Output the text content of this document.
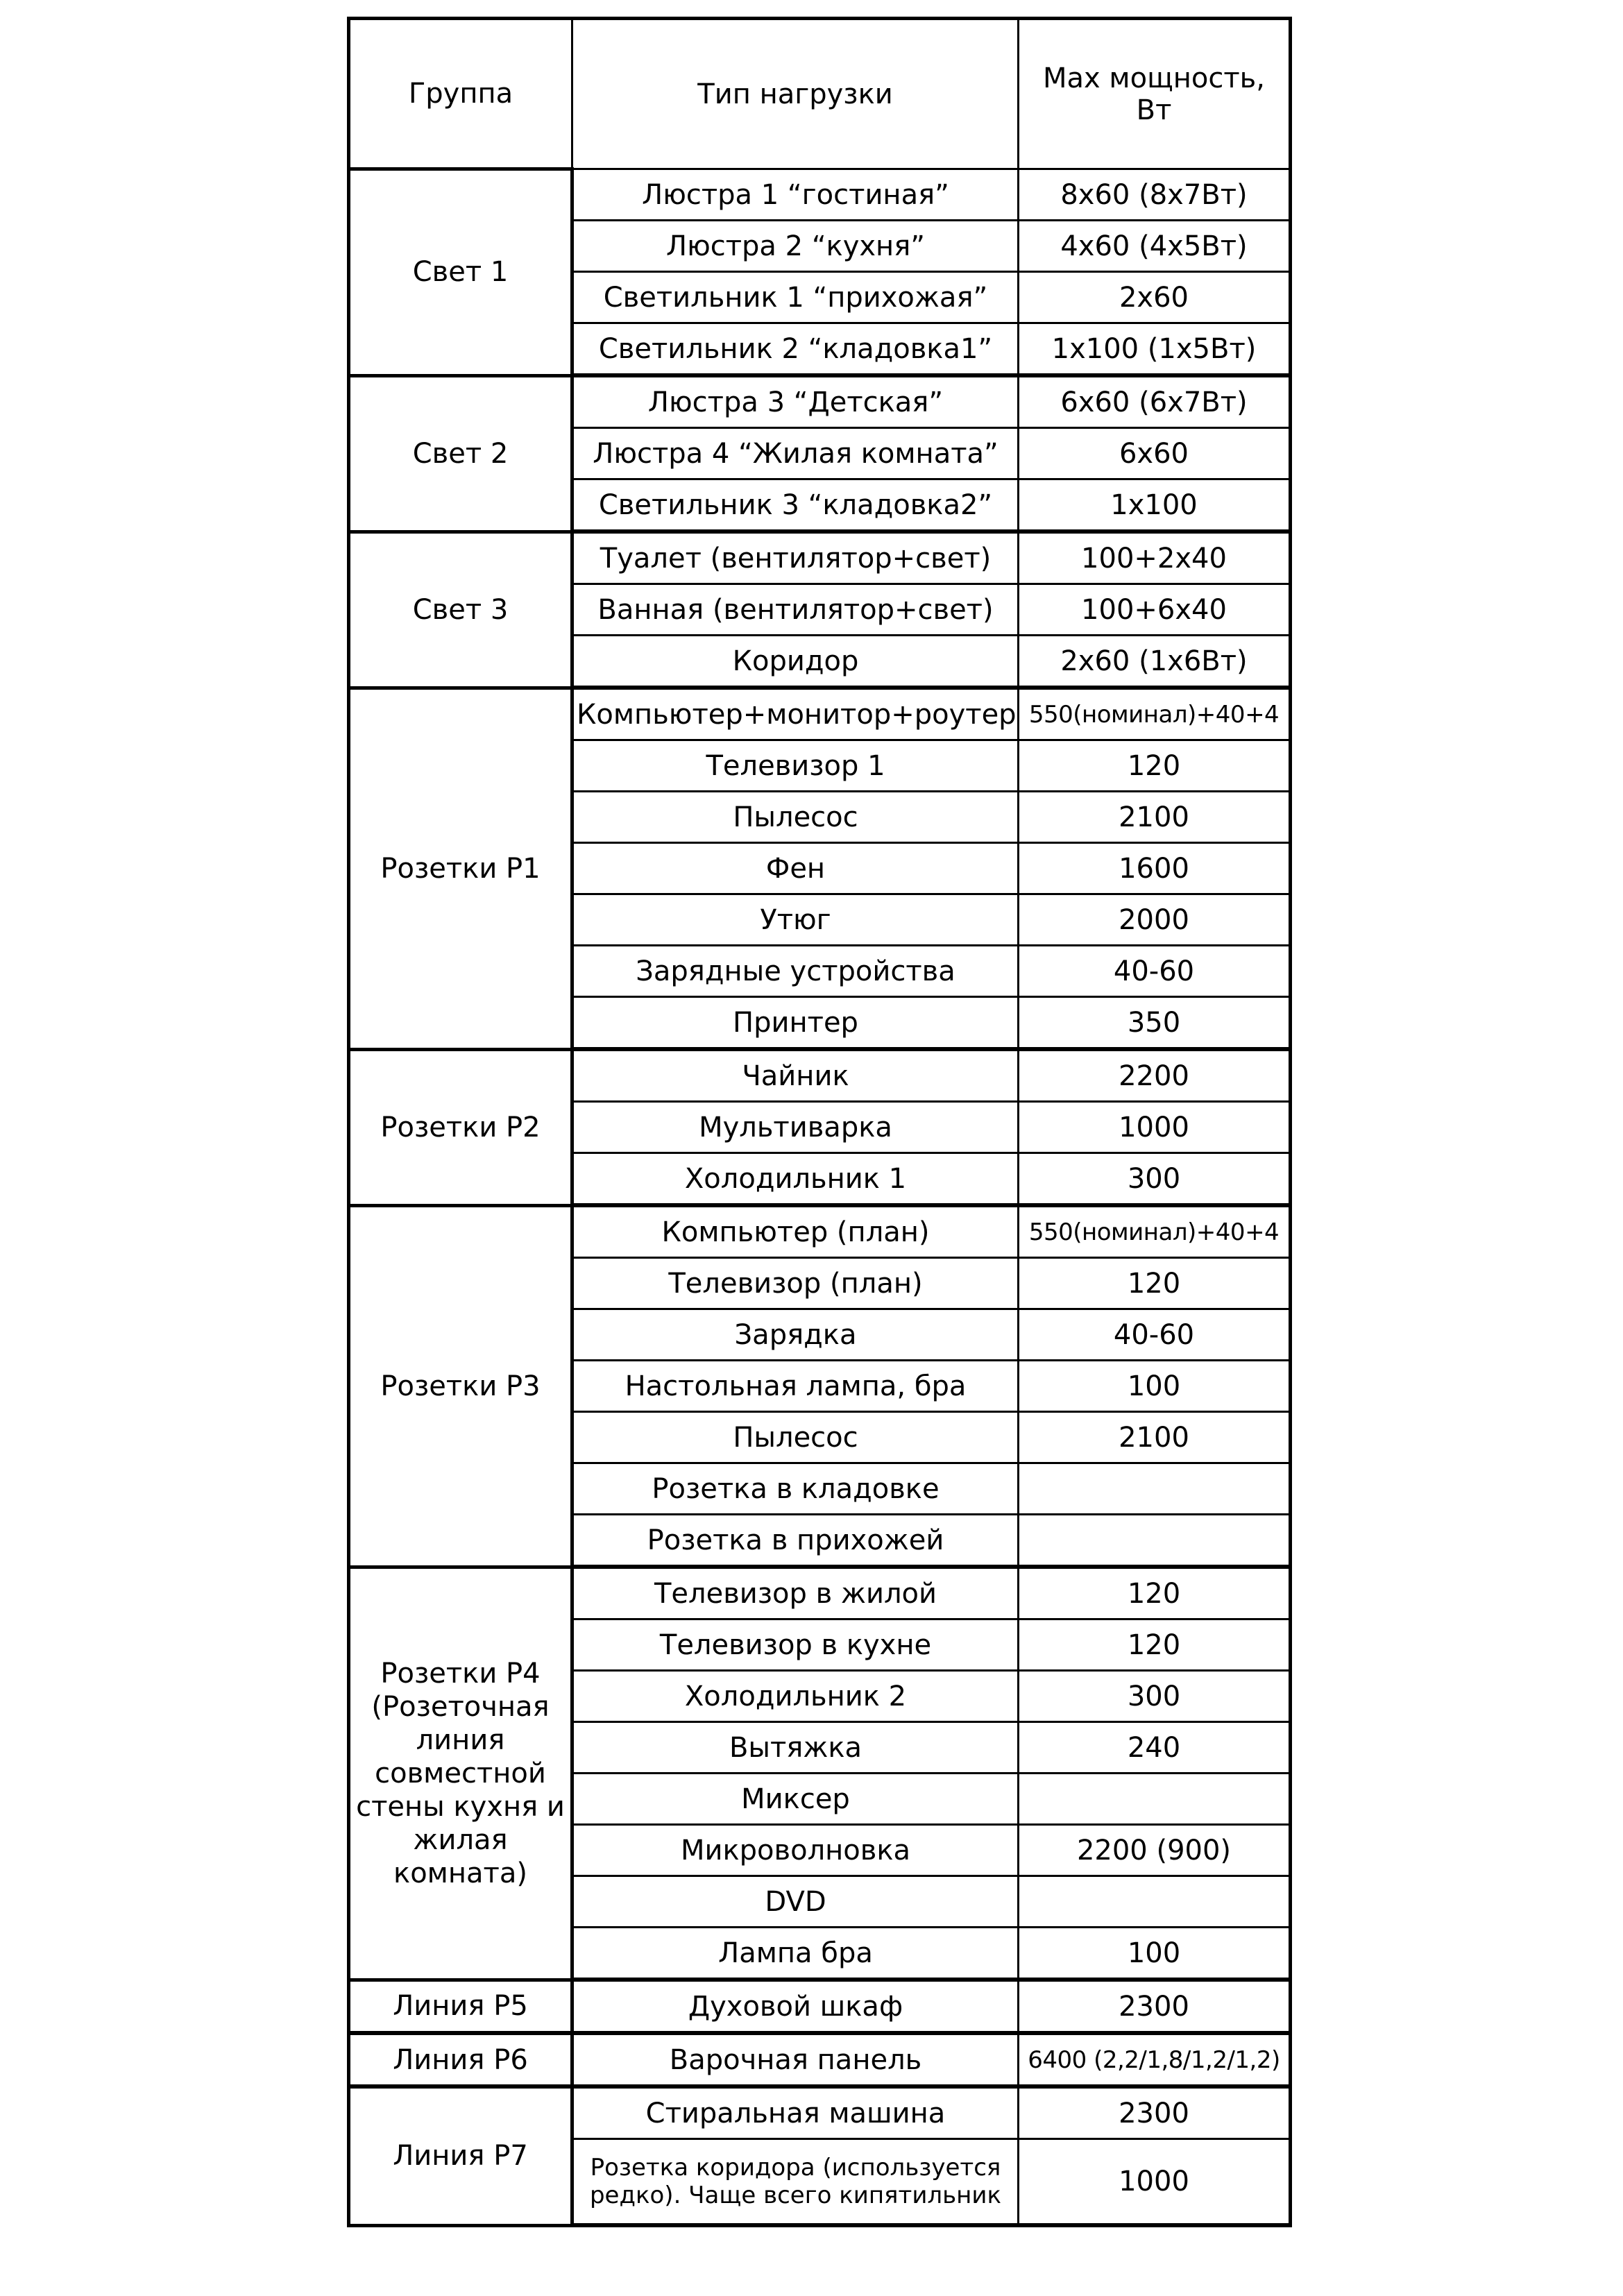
Группа	Тип нагрузки	Max мощность, Вт
Свет 1	Люстра 1 “гостиная”	8х60 (8х7Вт)
	Люстра 2 “кухня”	4х60 (4х5Вт)
	Светильник 1 “прихожая”	2х60
	Светильник 2 “кладовка1”	1х100 (1х5Вт)
Свет 2	Люстра 3 “Детская”	6х60 (6х7Вт)
	Люстра 4 “Жилая комната”	6х60
	Светильник 3 “кладовка2”	1х100
Свет 3	Туалет (вентилятор+свет)	100+2х40
	Ванная (вентилятор+свет)	100+6х40
	Коридор	2х60 (1х6Вт)
Розетки Р1	Компьютер+монитор+роутер	550(номинал)+40+4
	Телевизор 1	120
	Пылесос	2100
	Фен	1600
	Утюг	2000
	Зарядные устройства	40-60
	Принтер	350
Розетки Р2	Чайник	2200
	Мультиварка	1000
	Холодильник 1	300
Розетки Р3	Компьютер (план)	550(номинал)+40+4
	Телевизор (план)	120
	Зарядка	40-60
	Настольная лампа, бра	100
	Пылесос	2100
	Розетка в кладовке	
	Розетка в прихожей	
Розетки Р4 (Розеточная линия совместной стены кухня и жилая комната)	Телевизор в жилой	120
	Телевизор в кухне	120
	Холодильник 2	300
	Вытяжка	240
	Миксер	
	Микроволновка	2200 (900)
	DVD	
	Лампа бра	100
Линия Р5	Духовой шкаф	2300
Линия Р6	Варочная панель	6400 (2,2/1,8/1,2/1,2)
Линия Р7	Стиральная машина	2300
	Розетка коридора (используется редко). Чаще всего кипятильник	1000
